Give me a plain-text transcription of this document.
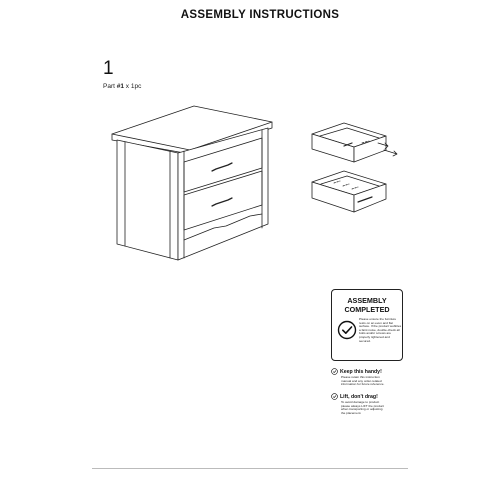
ASSEMBLY INSTRUCTIONS
1
Part #1 x 1pc
ASSEMBLY
COMPLETED
Please ensure the furniture rests on an even and flat surface. If the product wobbles a faint noise, double-check all bolts and/or screws are properly tightened and secured.
Keep this handy!
Please retain this instruction manual and any order-related information for future reference.
Lift, don't drag!
To avoid damage to product please always LIFT the product when transporting or adjusting the placement.
